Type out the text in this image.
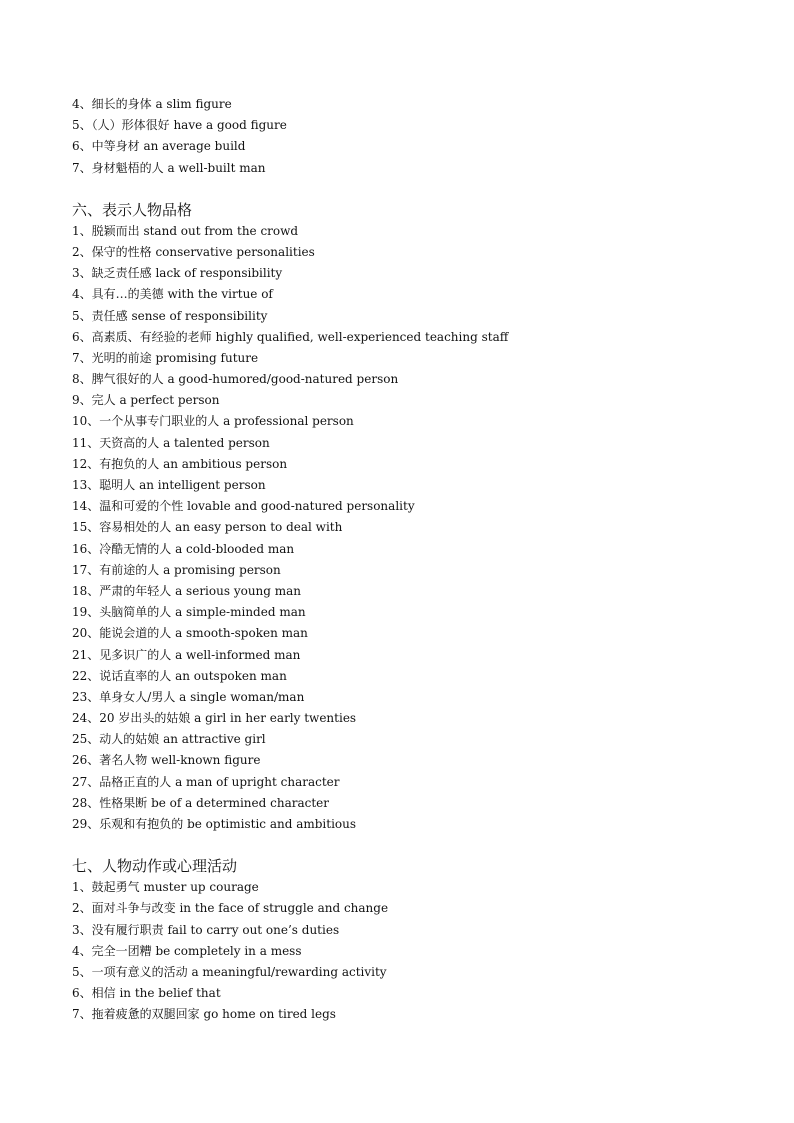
4、细长的身体 a slim figure
5、（人）形体很好 have a good figure
6、中等身材 an average build
7、身材魁梧的人 a well-built man
六、表示人物品格
1、脱颖而出 stand out from the crowd
2、保守的性格 conservative personalities
3、缺乏责任感 lack of responsibility
4、具有…的美德 with the virtue of
5、责任感 sense of responsibility
6、高素质、有经验的老师 highly qualified, well-experienced teaching staff
7、光明的前途 promising future
8、脾气很好的人 a good-humored/good-natured person
9、完人 a perfect person
10、一个从事专门职业的人 a professional person
11、天资高的人 a talented person
12、有抱负的人 an ambitious person
13、聪明人 an intelligent person
14、温和可爱的个性 lovable and good-natured personality
15、容易相处的人 an easy person to deal with
16、冷酷无情的人 a cold-blooded man
17、有前途的人 a promising person
18、严肃的年轻人 a serious young man
19、头脑简单的人 a simple-minded man
20、能说会道的人 a smooth-spoken man
21、见多识广的人 a well-informed man
22、说话直率的人 an outspoken man
23、单身女人/男人 a single woman/man
24、20 岁出头的姑娘 a girl in her early twenties
25、动人的姑娘 an attractive girl
26、著名人物 well-known figure
27、品格正直的人 a man of upright character
28、性格果断 be of a determined character
29、乐观和有抱负的 be optimistic and ambitious
七、人物动作或心理活动
1、鼓起勇气 muster up courage
2、面对斗争与改变 in the face of struggle and change
3、没有履行职责 fail to carry out one’s duties
4、完全一团糟 be completely in a mess
5、一项有意义的活动 a meaningful/rewarding activity
6、相信 in the belief that
7、拖着疲惫的双腿回家 go home on tired legs
